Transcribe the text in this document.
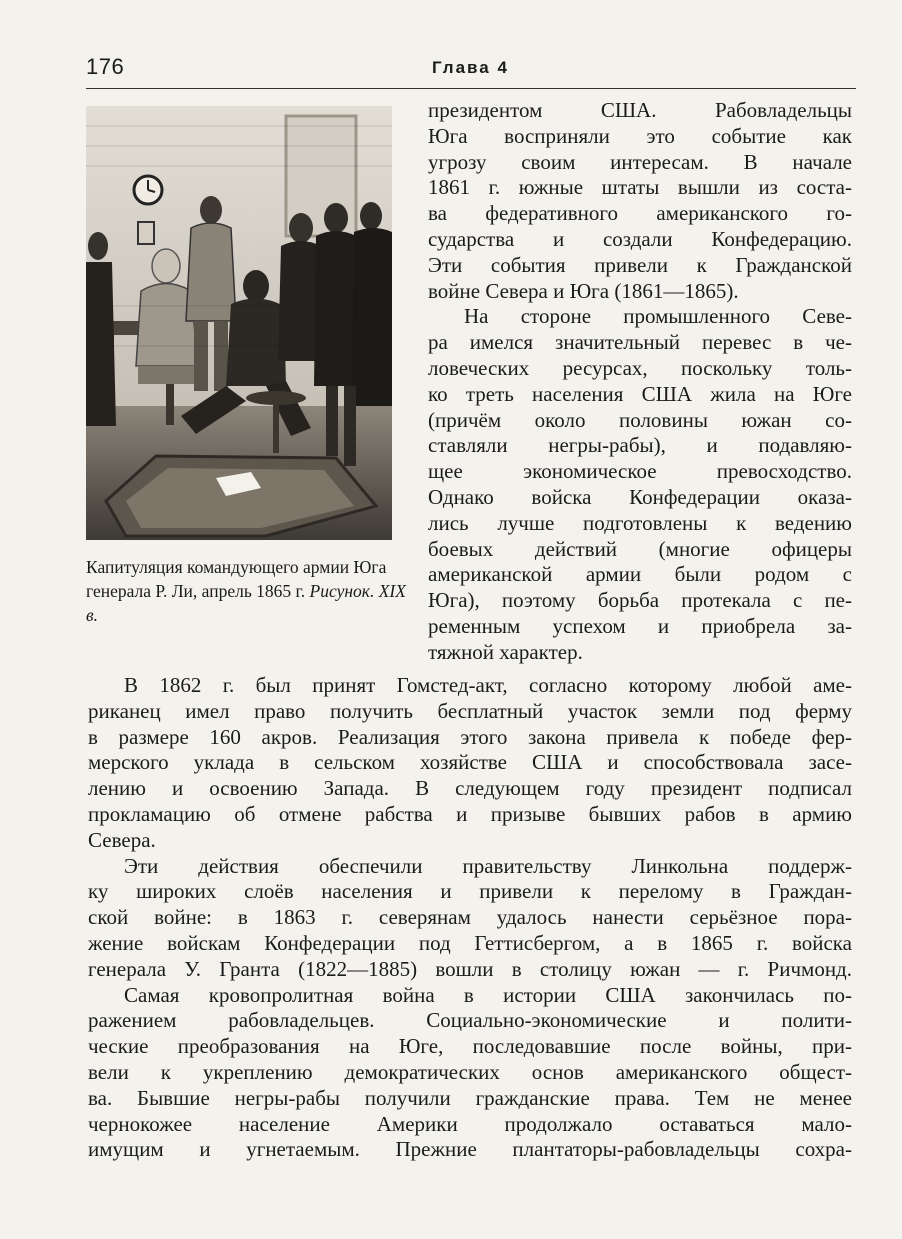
176	Глава 4
Капитуляция командующего армии Юга генерала Р. Ли, апрель 1865 г. Рисунок. XIX в.
президентом США. Рабовладельцы
Юга восприняли это событие как
угрозу своим интересам. В начале
1861 г. южные штаты вышли из соста-
ва федеративного американского го-
сударства и создали Конфедерацию.
Эти события привели к Гражданской
войне Севера и Юга (1861—1865).
На стороне промышленного Севе-
ра имелся значительный перевес в че-
ловеческих ресурсах, поскольку толь-
ко треть населения США жила на Юге
(причём около половины южан со-
ставляли негры-рабы), и подавляю-
щее экономическое превосходство.
Однако войска Конфедерации оказа-
лись лучше подготовлены к ведению
боевых действий (многие офицеры
американской армии были родом с
Юга), поэтому борьба протекала с пе-
ременным успехом и приобрела за-
тяжной характер.
В 1862 г. был принят Гомстед-акт, согласно которому любой аме-
риканец имел право получить бесплатный участок земли под ферму
в размере 160 акров. Реализация этого закона привела к победе фер-
мерского уклада в сельском хозяйстве США и способствовала засе-
лению и освоению Запада. В следующем году президент подписал
прокламацию об отмене рабства и призыве бывших рабов в армию
Севера.
Эти действия обеспечили правительству Линкольна поддерж-
ку широких слоёв населения и привели к перелому в Граждан-
ской войне: в 1863 г. северянам удалось нанести серьёзное пора-
жение войскам Конфедерации под Геттисбергом, а в 1865 г. войска
генерала У. Гранта (1822—1885) вошли в столицу южан — г. Ричмонд.
Самая кровопролитная война в истории США закончилась по-
ражением рабовладельцев. Социально-экономические и полити-
ческие преобразования на Юге, последовавшие после войны, при-
вели к укреплению демократических основ американского общест-
ва. Бывшие негры-рабы получили гражданские права. Тем не менее
чернокожее население Америки продолжало оставаться мало-
имущим и угнетаемым. Прежние плантаторы-рабовладельцы сохра-
